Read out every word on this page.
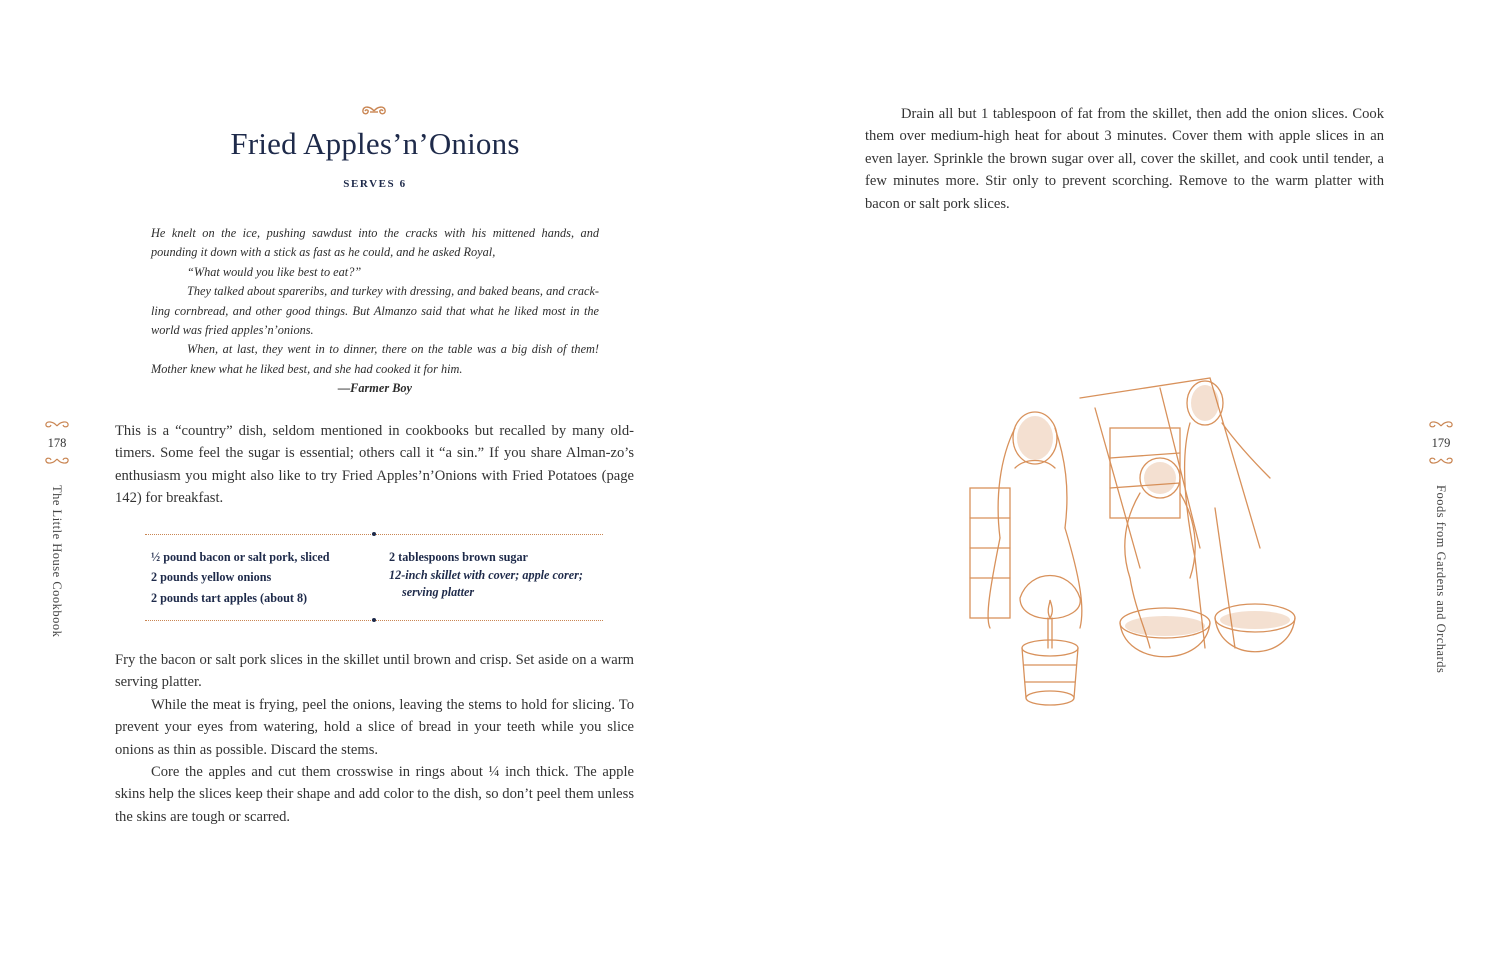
Fried Apples’n’Onions
SERVES 6

He knelt on the ice, pushing sawdust into the cracks with his mittened hands, and pounding it down with a stick as fast as he could, and he asked Royal,

“What would you like best to eat?”

They talked about spareribs, and turkey with dressing, and baked beans, and crack-ling cornbread, and other good things. But Almanzo said that what he liked most in the world was fried apples’n’onions.

When, at last, they went in to dinner, there on the table was a big dish of them! Mother knew what he liked best, and she had cooked it for him.

—Farmer Boy

This is a “country” dish, seldom mentioned in cookbooks but recalled by many old-timers. Some feel the sugar is essential; others call it “a sin.” If you share Alman-zo’s enthusiasm you might also like to try Fried Apples’n’Onions with Fried Potatoes (page 142) for breakfast.

½ pound bacon or salt pork, sliced
2 pounds yellow onions
2 pounds tart apples (about 8)
2 tablespoons brown sugar
12-inch skillet with cover; apple corer;
serving platter

Fry the bacon or salt pork slices in the skillet until brown and crisp. Set aside on a warm serving platter.

While the meat is frying, peel the onions, leaving the stems to hold for slicing. To prevent your eyes from watering, hold a slice of bread in your teeth while you slice onions as thin as possible. Discard the stems.

Core the apples and cut them crosswise in rings about ¼ inch thick. The apple skins help the slices keep their shape and add color to the dish, so don’t peel them unless the skins are tough or scarred.

178
The Little House Cookbook

Drain all but 1 tablespoon of fat from the skillet, then add the onion slices. Cook them over medium-high heat for about 3 minutes. Cover them with apple slices in an even layer. Sprinkle the brown sugar over all, cover the skillet, and cook until tender, a few minutes more. Stir only to prevent scorching. Remove to the warm platter with bacon or salt pork slices.

179
Foods from Gardens and Orchards
